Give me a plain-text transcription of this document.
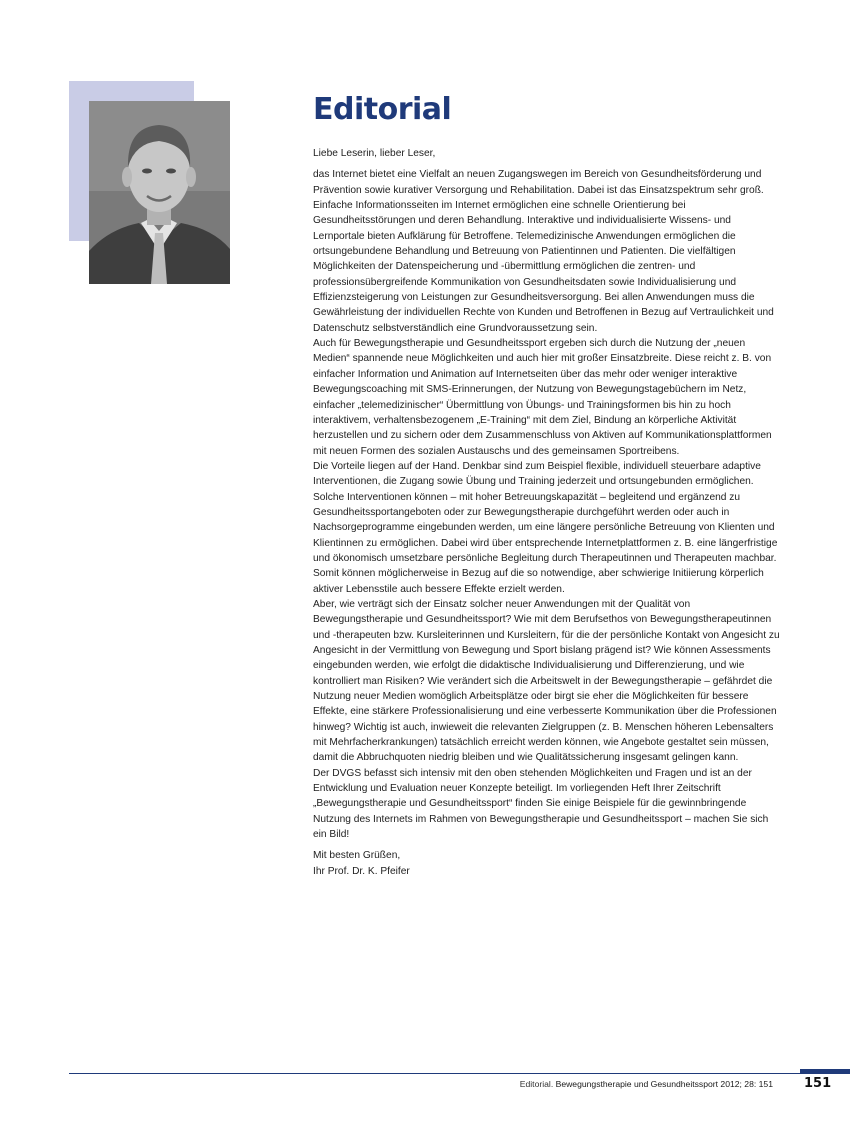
Editorial

Liebe Leserin, lieber Leser,

das Internet bietet eine Vielfalt an neuen Zugangswegen im Bereich von Gesundheitsförderung und Prävention sowie kurativer Versorgung und Rehabilitation. Dabei ist das Einsatzspektrum sehr groß. Einfache Informationsseiten im Internet ermöglichen eine schnelle Orientierung bei Gesundheitsstörungen und deren Behandlung. Interaktive und individualisierte Wissens- und Lernportale bieten Aufklärung für Betroffene. Telemedizinische Anwendungen ermöglichen die ortsungebundene Behandlung und Betreuung von Patientinnen und Patienten. Die vielfältigen Möglichkeiten der Datenspeicherung und -übermittlung ermöglichen die zentren- und professionsübergreifende Kommunikation von Gesundheitsdaten sowie Individualisierung und Effizienzsteigerung von Leistungen zur Gesundheitsversorgung. Bei allen Anwendungen muss die Gewährleistung der individuellen Rechte von Kunden und Betroffenen in Bezug auf Vertraulichkeit und Datenschutz selbstverständlich eine Grundvoraussetzung sein.

Auch für Bewegungstherapie und Gesundheitssport ergeben sich durch die Nutzung der „neuen Medien“ spannende neue Möglichkeiten und auch hier mit großer Einsatzbreite. Diese reicht z. B. von einfacher Information und Animation auf Internetseiten über das mehr oder weniger interaktive Bewegungscoaching mit SMS-Erinnerungen, der Nutzung von Bewegungstagebüchern im Netz, einfacher „telemedizinischer“ Übermittlung von Übungs- und Trainingsformen bis hin zu hoch interaktivem, verhaltensbezogenem „E-Training“ mit dem Ziel, Bindung an körperliche Aktivität herzustellen und zu sichern oder dem Zusammenschluss von Aktiven auf Kommunikationsplattformen mit neuen Formen des sozialen Austauschs und des gemeinsamen Sportreibens.

Die Vorteile liegen auf der Hand. Denkbar sind zum Beispiel flexible, individuell steuerbare adaptive Interventionen, die Zugang sowie Übung und Training jederzeit und ortsungebunden ermöglichen. Solche Interventionen können – mit hoher Betreuungskapazität – begleitend und ergänzend zu Gesundheitssportangeboten oder zur Bewegungstherapie durchgeführt werden oder auch in Nachsorgeprogramme eingebunden werden, um eine längere persönliche Betreuung von Klienten und Klientinnen zu ermöglichen. Dabei wird über entsprechende Internetplattformen z. B. eine längerfristige und ökonomisch umsetzbare persönliche Begleitung durch Therapeutinnen und Therapeuten machbar. Somit können möglicherweise in Bezug auf die so notwendige, aber schwierige Initiierung körperlich aktiver Lebensstile auch bessere Effekte erzielt werden.

Aber, wie verträgt sich der Einsatz solcher neuer Anwendungen mit der Qualität von Bewegungstherapie und Gesundheitssport? Wie mit dem Berufsethos von Bewegungstherapeutinnen und -therapeuten bzw. Kursleiterinnen und Kursleitern, für die der persönliche Kontakt von Angesicht zu Angesicht in der Vermittlung von Bewegung und Sport bislang prägend ist? Wie können Assessments eingebunden werden, wie erfolgt die didaktische Individualisierung und Differenzierung, und wie kontrolliert man Risiken? Wie verändert sich die Arbeitswelt in der Bewegungstherapie – gefährdet die Nutzung neuer Medien womöglich Arbeitsplätze oder birgt sie eher die Möglichkeiten für bessere Effekte, eine stärkere Professionalisierung und eine verbesserte Kommunikation über die Professionen hinweg? Wichtig ist auch, inwieweit die relevanten Zielgruppen (z. B. Menschen höheren Lebensalters mit Mehrfacherkrankungen) tatsächlich erreicht werden können, wie Angebote gestaltet sein müssen, damit die Abbruchquoten niedrig bleiben und wie Qualitätssicherung insgesamt gelingen kann.

Der DVGS befasst sich intensiv mit den oben stehenden Möglichkeiten und Fragen und ist an der Entwicklung und Evaluation neuer Konzepte beteiligt. Im vorliegenden Heft Ihrer Zeitschrift „Bewegungstherapie und Gesundheitssport“ finden Sie einige Beispiele für die gewinnbringende Nutzung des Internets im Rahmen von Bewegungstherapie und Gesundheitssport – machen Sie sich ein Bild!

Mit besten Grüßen,

Ihr Prof. Dr. K. Pfeifer

Editorial. Bewegungstherapie und Gesundheitssport 2012; 28: 151 151
